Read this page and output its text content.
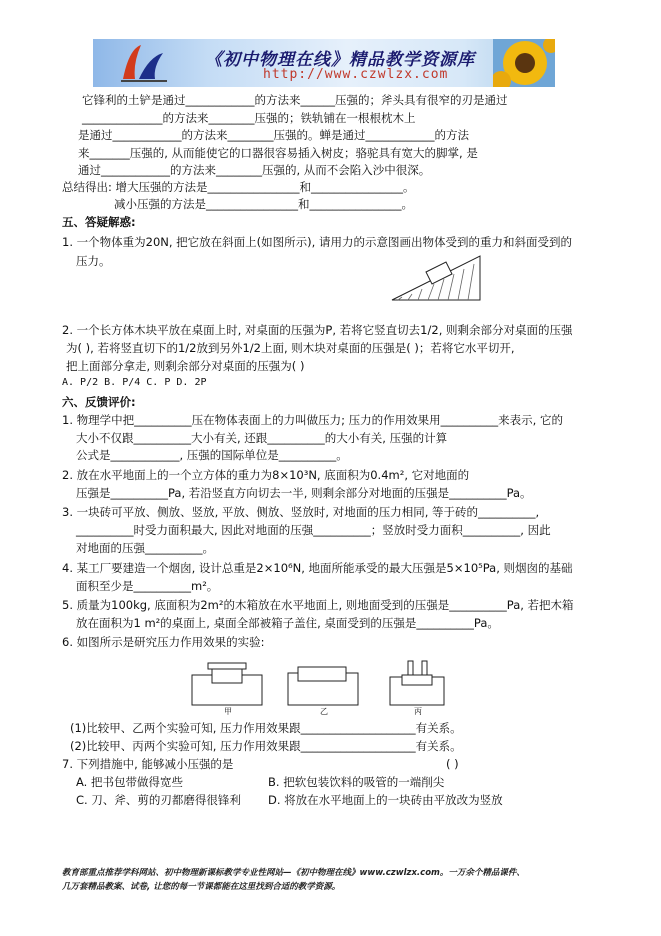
《初中物理在线》精品教学资源库
http://www.czwlzx.com
它锋利的土铲是通过____________的方法来______压强的；斧头具有很窄的刃是通过
______________的方法来________压强的；铁轨铺在一根根枕木上
是通过____________的方法来________压强的。蝉是通过____________的方法
来_______压强的, 从而能使它的口器很容易插入树皮；骆驼具有宽大的脚掌, 是
通过____________的方法来________压强的, 从而不会陷入沙中很深。
总结得出: 增大压强的方法是________________和________________。
减小压强的方法是________________和________________。
五、答疑解惑:
1. 一个物体重为20N, 把它放在斜面上(如图所示), 请用力的示意图画出物体受到的重力和斜面受到的
压力。
2. 一个长方体木块平放在桌面上时, 对桌面的压强为P, 若将它竖直切去1/2, 则剩余部分对桌面的压强
为( ), 若将竖直切下的1/2放到另外1/2上面, 则木块对桌面的压强是( )；若将它水平切开,
把上面部分拿走, 则剩余部分对桌面的压强为( )
A. P/2 B. P/4 C. P D. 2P
六、反馈评价:
1. 物理学中把__________压在物体表面上的力叫做压力; 压力的作用效果用__________来表示, 它的
大小不仅跟__________大小有关, 还跟__________的大小有关, 压强的计算
公式是____________, 压强的国际单位是__________。
2. 放在水平地面上的一个立方体的重力为8×10³N, 底面积为0.4m², 它对地面的
压强是__________Pa, 若沿竖直方向切去一半, 则剩余部分对地面的压强是__________Pa。
3. 一块砖可平放、侧放、竖放, 平放、侧放、竖放时, 对地面的压力相同, 等于砖的__________,
__________时受力面积最大, 因此对地面的压强__________；竖放时受力面积__________, 因此
对地面的压强__________。
4. 某工厂要建造一个烟囱, 设计总重是2×10⁶N, 地面所能承受的最大压强是5×10⁵Pa, 则烟囱的基础
面积至少是__________m²。
5. 质量为100kg, 底面积为2m²的木箱放在水平地面上, 则地面受到的压强是__________Pa, 若把木箱
放在面积为1 m²的桌面上, 桌面全部被箱子盖住, 桌面受到的压强是__________Pa。
6. 如图所示是研究压力作用效果的实验:
甲	乙	丙
(1)比较甲、乙两个实验可知, 压力作用效果跟____________________有关系。
(2)比较甲、丙两个实验可知, 压力作用效果跟____________________有关系。
7. 下列措施中, 能够减小压强的是	( )
A. 把书包带做得宽些	B. 把软包装饮料的吸管的一端削尖
C. 刀、斧、剪的刃都磨得很锋利 D. 将放在水平地面上的一块砖由平放改为竖放
教育部重点推荐学科网站、初中物理新课标教学专业性网站—《初中物理在线》www.czwlzx.com。一万余个精品课件、
几万套精品教案、试卷, 让您的每一节课都能在这里找到合适的教学资源。
